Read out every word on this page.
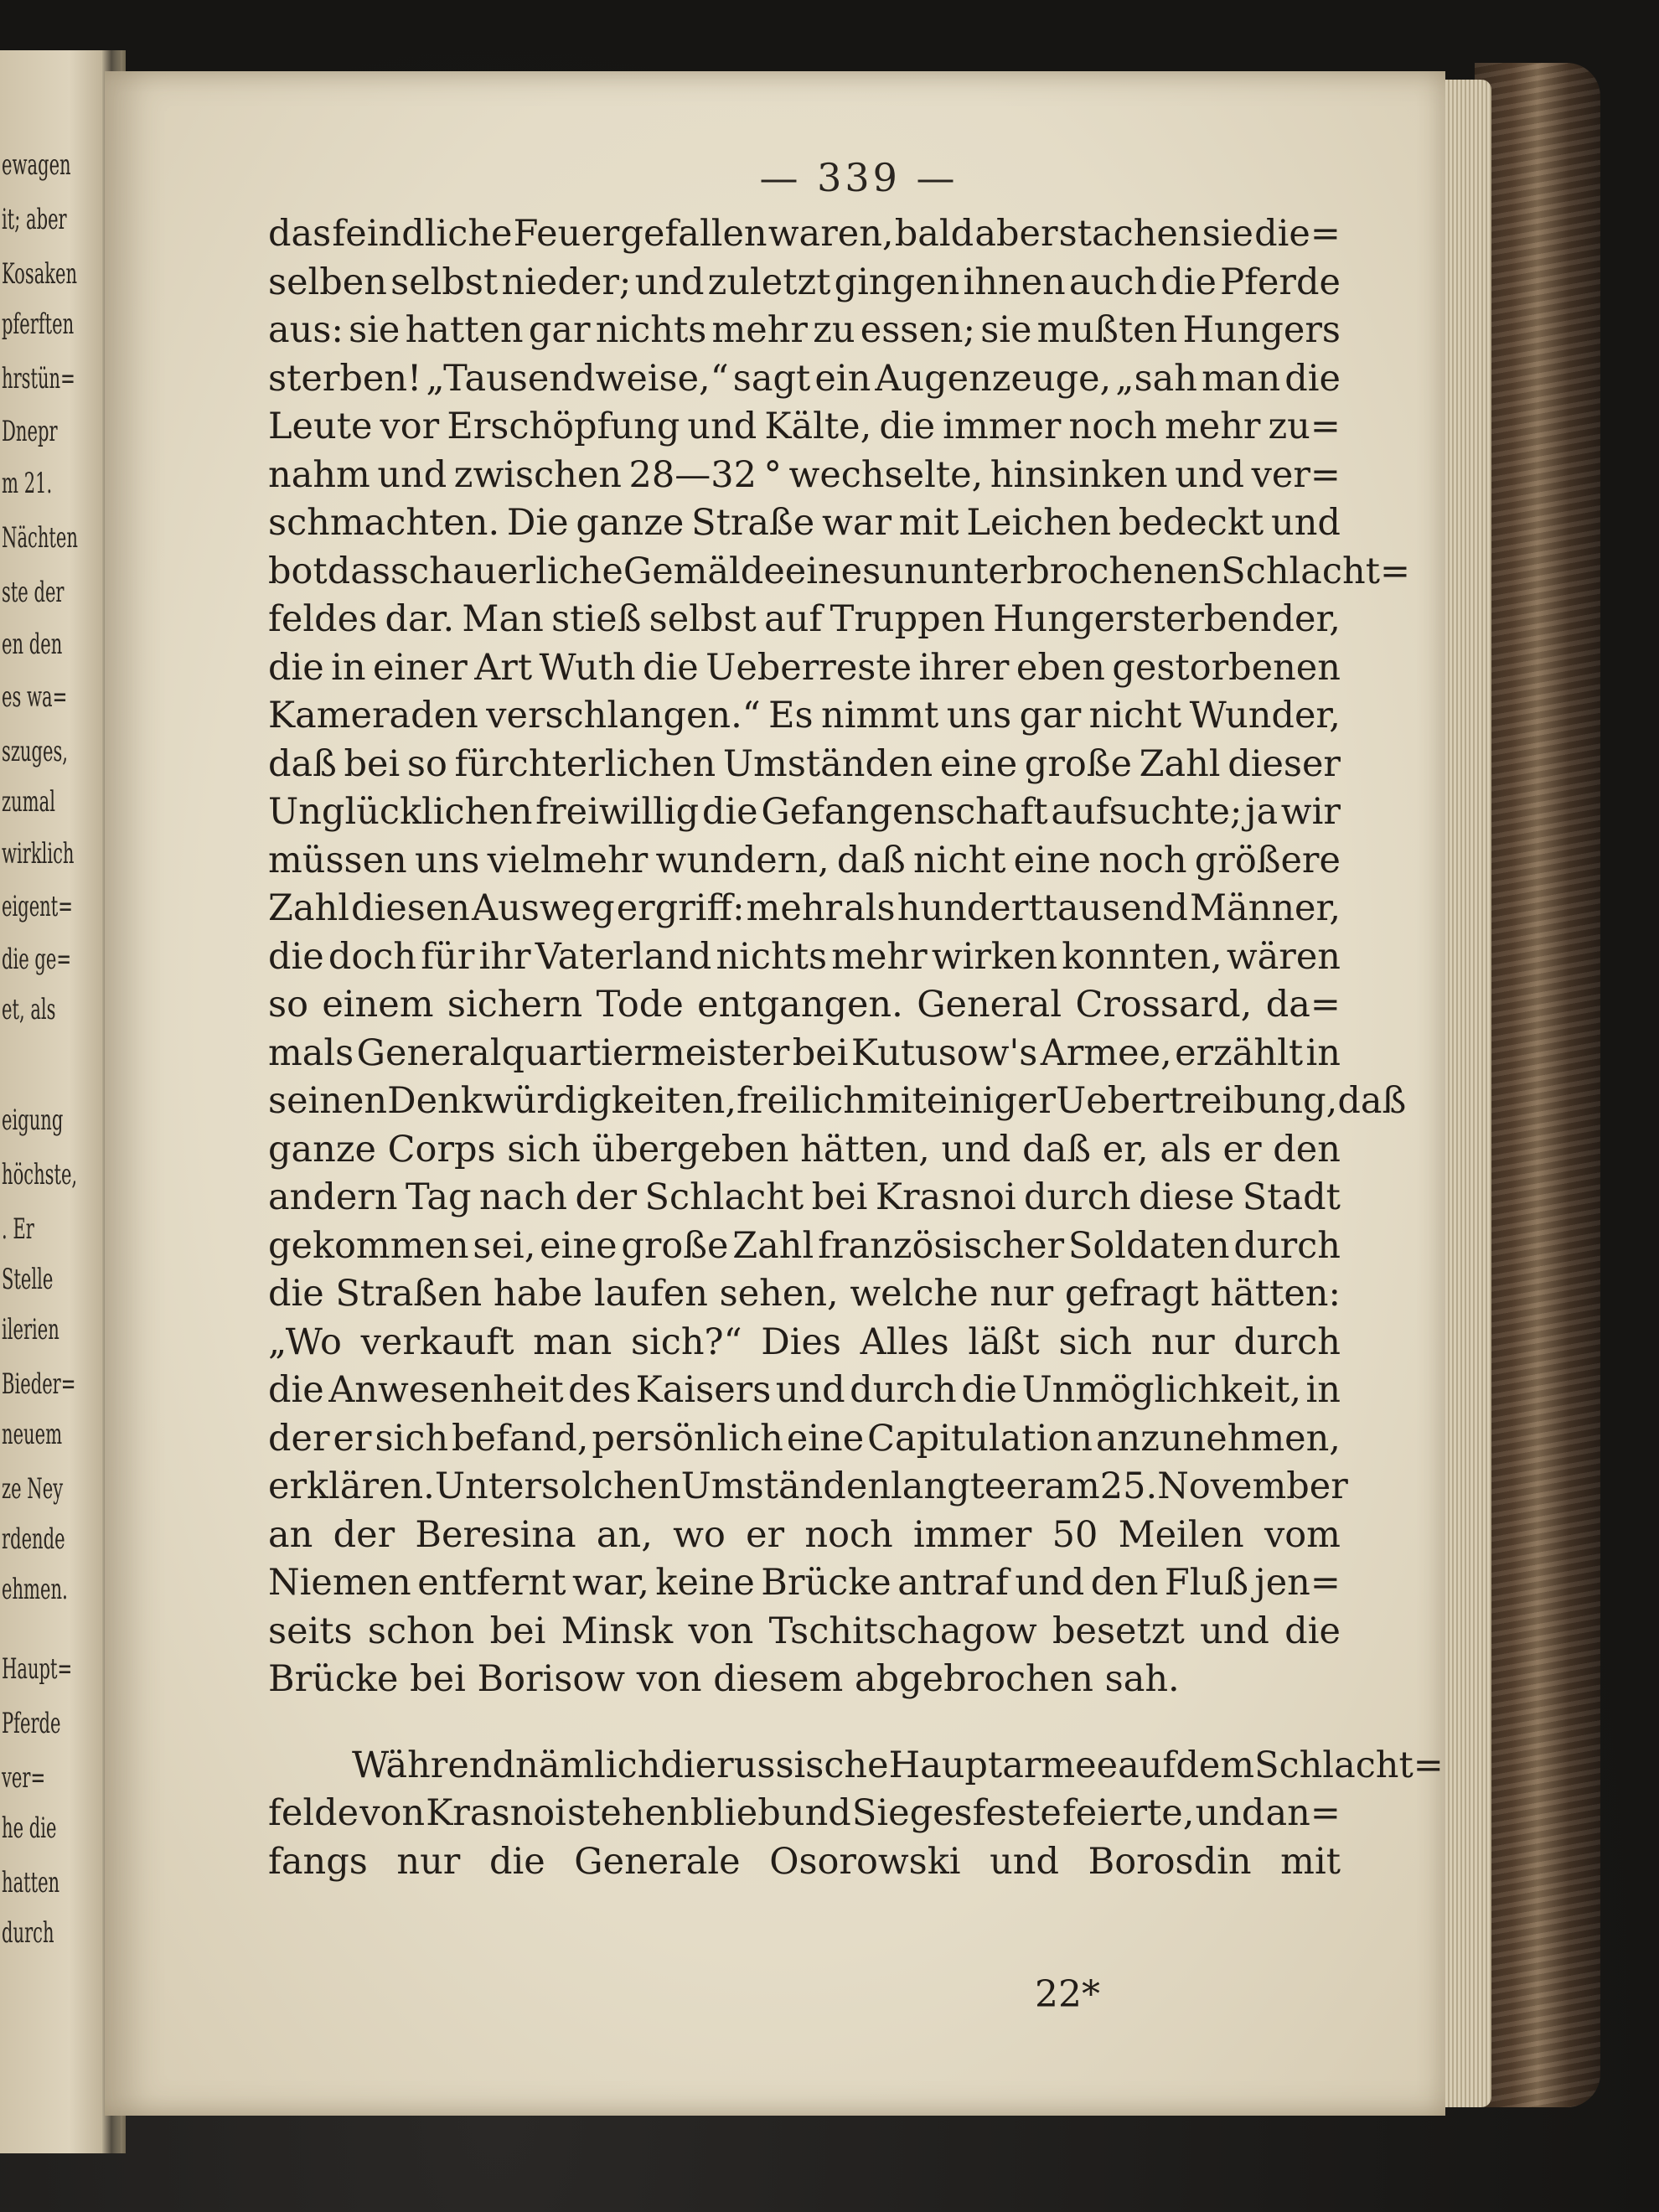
ewagen
it; aber
Kosaken
pferften
hrstün=
Dnepr
m 21.
Nächten
ste der
en den
es wa=
szuges,
zumal
wirklich
eigent=
die ge=
et, als
eigung
höchste,
. Er
Stelle
ilerien
Bieder=
neuem
ze Ney
rdende
ehmen.
Haupt=
Pferde
ver=
he die
hatten
durch
— 339 —
22*
das feindliche Feuer gefallen waren, bald aber stachen sie die=
selben selbst nieder; und zuletzt gingen ihnen auch die Pferde
aus: sie hatten gar nichts mehr zu essen; sie mußten Hungers
sterben! „Tausendweise,“ sagt ein Augenzeuge, „sah man die
Leute vor Erschöpfung und Kälte, die immer noch mehr zu=
nahm und zwischen 28—32 ° wechselte, hinsinken und ver=
schmachten. Die ganze Straße war mit Leichen bedeckt und
bot das schauerliche Gemälde eines ununterbrochenen Schlacht=
feldes dar. Man stieß selbst auf Truppen Hungersterbender,
die in einer Art Wuth die Ueberreste ihrer eben gestorbenen
Kameraden verschlangen.“ Es nimmt uns gar nicht Wunder,
daß bei so fürchterlichen Umständen eine große Zahl dieser
Unglücklichen freiwillig die Gefangenschaft aufsuchte; ja wir
müssen uns vielmehr wundern, daß nicht eine noch größere
Zahl diesen Ausweg ergriff: mehr als hunderttausend Männer,
die doch für ihr Vaterland nichts mehr wirken konnten, wären
so einem sichern Tode entgangen. General Crossard, da=
mals Generalquartiermeister bei Kutusow's Armee, erzählt in
seinen Denkwürdigkeiten, freilich mit einiger Uebertreibung, daß
ganze Corps sich übergeben hätten, und daß er, als er den
andern Tag nach der Schlacht bei Krasnoi durch diese Stadt
gekommen sei, eine große Zahl französischer Soldaten durch
die Straßen habe laufen sehen, welche nur gefragt hätten:
„Wo verkauft man sich?“ Dies Alles läßt sich nur durch
die Anwesenheit des Kaisers und durch die Unmöglichkeit, in
der er sich befand, persönlich eine Capitulation anzunehmen,
erklären. Unter solchen Umständen langte er am 25. November
an der Beresina an, wo er noch immer 50 Meilen vom
Niemen entfernt war, keine Brücke antraf und den Fluß jen=
seits schon bei Minsk von Tschitschagow besetzt und die
Brücke bei Borisow von diesem abgebrochen sah.
Während nämlich die russische Hauptarmee auf dem Schlacht=
felde von Krasnoi stehen blieb und Siegesfeste feierte, und an=
fangs nur die Generale Osorowski und Borosdin mit
